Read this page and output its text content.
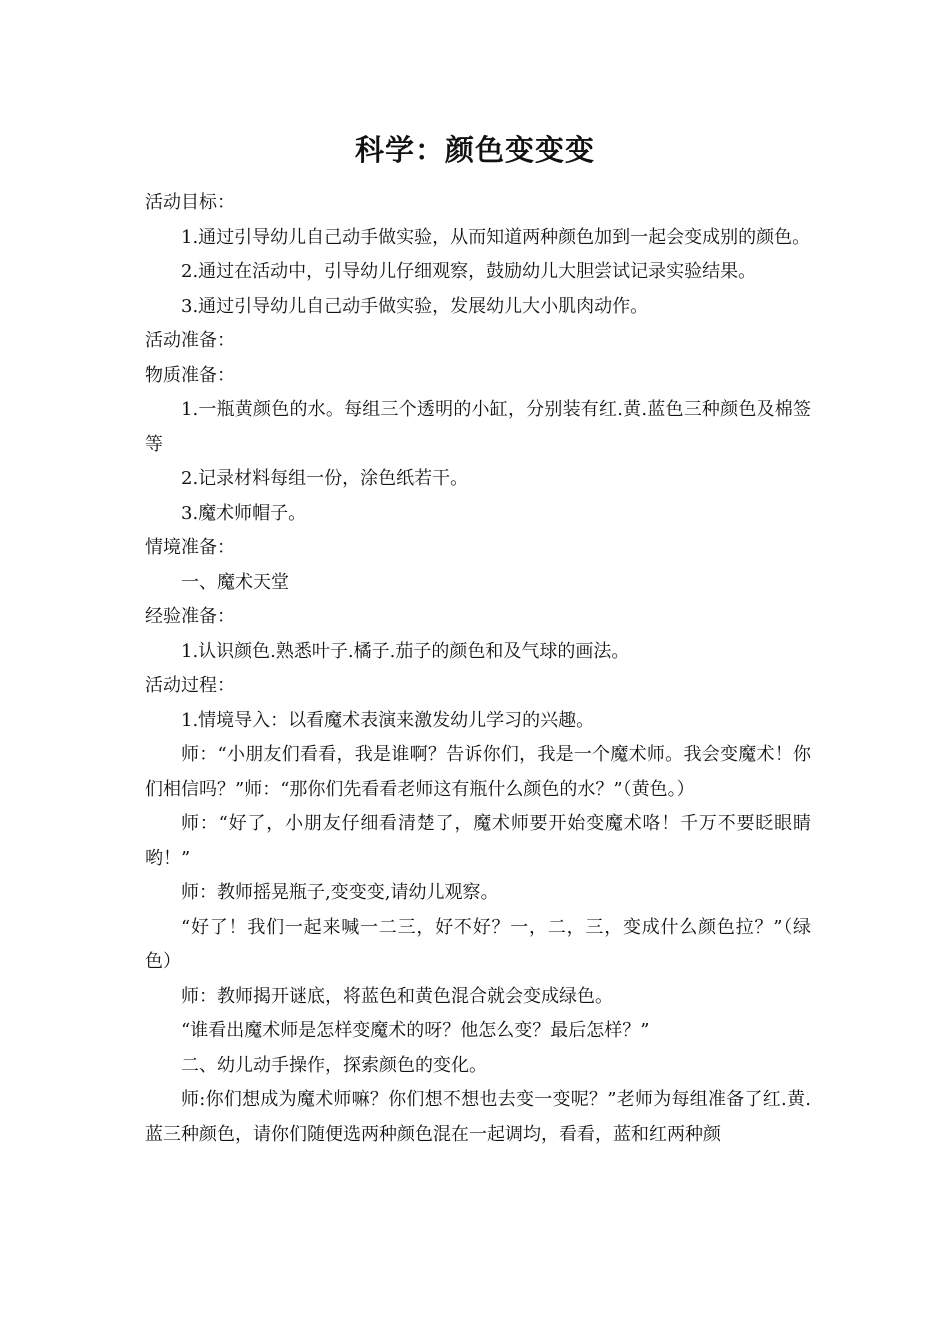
科学：颜色变变变

活动目标：

1.通过引导幼儿自己动手做实验，从而知道两种颜色加到一起会变成别的颜色。

2.通过在活动中，引导幼儿仔细观察，鼓励幼儿大胆尝试记录实验结果。

3.通过引导幼儿自己动手做实验，发展幼儿大小肌肉动作。

活动准备：

物质准备：

1.一瓶黄颜色的水。每组三个透明的小缸，分别装有红.黄.蓝色三种颜色及棉签等

2.记录材料每组一份，涂色纸若干。

3.魔术师帽子。

情境准备：

一、魔术天堂

经验准备：

1.认识颜色.熟悉叶子.橘子.茄子的颜色和及气球的画法。

活动过程：

1.情境导入：以看魔术表演来激发幼儿学习的兴趣。

师：“小朋友们看看，我是谁啊？告诉你们，我是一个魔术师。我会变魔术！你们相信吗？”师：“那你们先看看老师这有瓶什么颜色的水？”（黄色。）

师：“好了，小朋友仔细看清楚了，魔术师要开始变魔术咯！千万不要眨眼睛哟！”

师：教师摇晃瓶子,变变变,请幼儿观察。

“好了！我们一起来喊一二三，好不好？一，二，三，变成什么颜色拉？”（绿色）

师：教师揭开谜底，将蓝色和黄色混合就会变成绿色。

“谁看出魔术师是怎样变魔术的呀？他怎么变？最后怎样？”

二、幼儿动手操作，探索颜色的变化。

师:你们想成为魔术师嘛？你们想不想也去变一变呢？”老师为每组准备了红.黄.蓝三种颜色，请你们随便选两种颜色混在一起调均，看看，蓝和红两种颜
